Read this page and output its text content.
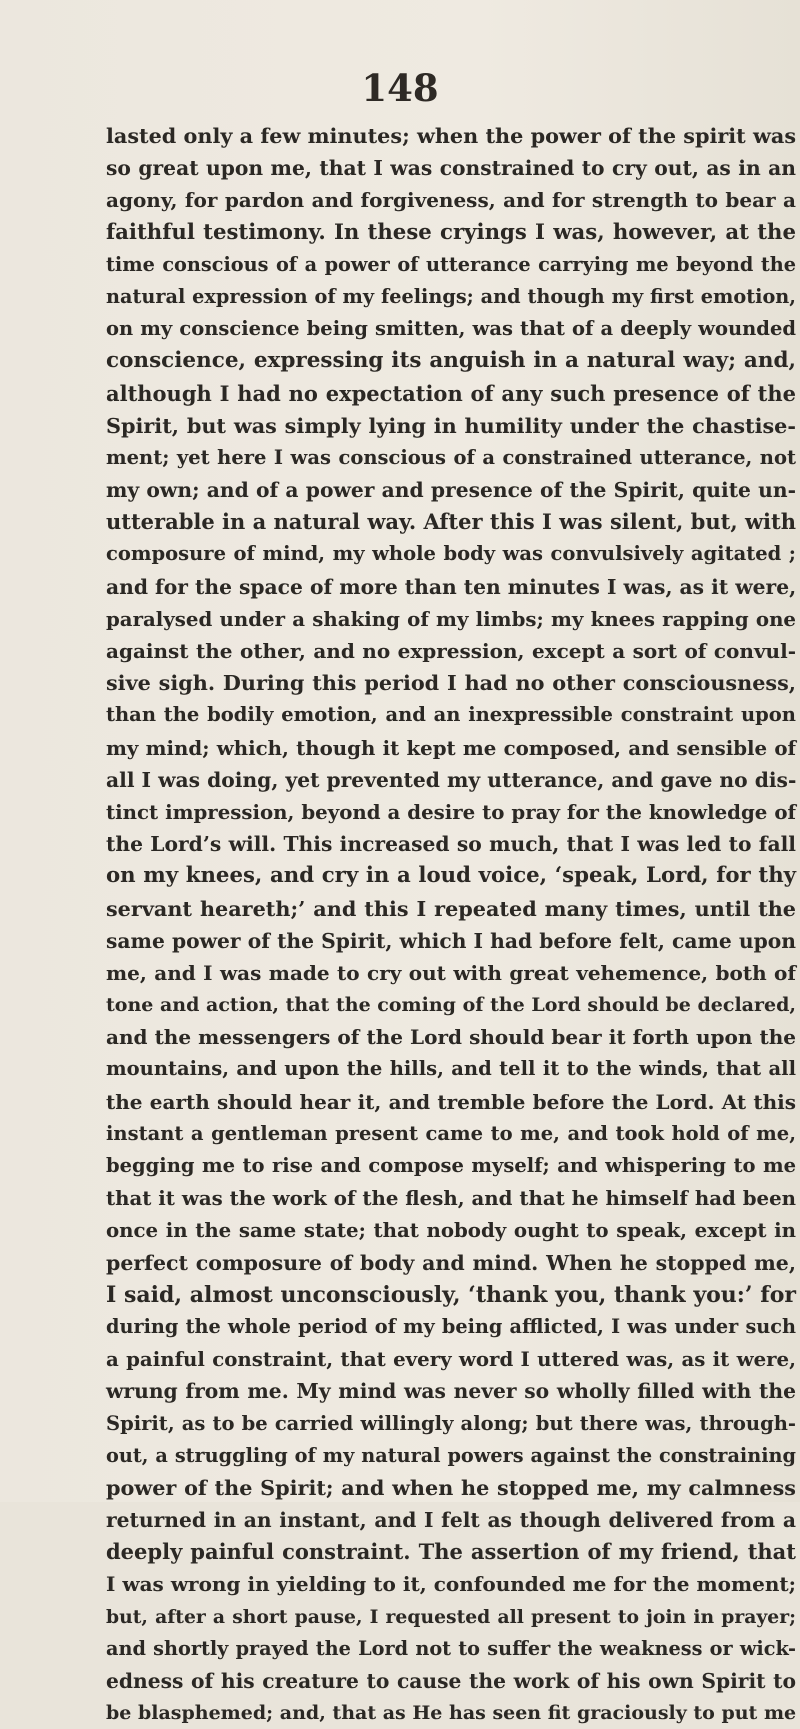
148
lasted only a few minutes; when the power of the spirit was
so great upon me, that I was constrained to cry out, as in an
agony, for pardon and forgiveness, and for strength to bear a
faithful testimony. In these cryings I was, however, at the
time conscious of a power of utterance carrying me beyond the
natural expression of my feelings; and though my first emotion,
on my conscience being smitten, was that of a deeply wounded
conscience, expressing its anguish in a natural way; and,
although I had no expectation of any such presence of the
Spirit, but was simply lying in humility under the chastise-
ment; yet here I was conscious of a constrained utterance, not
my own; and of a power and presence of the Spirit, quite un-
utterable in a natural way. After this I was silent, but, with
composure of mind, my whole body was convulsively agitated ;
and for the space of more than ten minutes I was, as it were,
paralysed under a shaking of my limbs; my knees rapping one
against the other, and no expression, except a sort of convul-
sive sigh. During this period I had no other consciousness,
than the bodily emotion, and an inexpressible constraint upon
my mind; which, though it kept me composed, and sensible of
all I was doing, yet prevented my utterance, and gave no dis-
tinct impression, beyond a desire to pray for the knowledge of
the Lord’s will. This increased so much, that I was led to fall
on my knees, and cry in a loud voice, ‘speak, Lord, for thy
servant heareth;’ and this I repeated many times, until the
same power of the Spirit, which I had before felt, came upon
me, and I was made to cry out with great vehemence, both of
tone and action, that the coming of the Lord should be declared,
and the messengers of the Lord should bear it forth upon the
mountains, and upon the hills, and tell it to the winds, that all
the earth should hear it, and tremble before the Lord. At this
instant a gentleman present came to me, and took hold of me,
begging me to rise and compose myself; and whispering to me
that it was the work of the flesh, and that he himself had been
once in the same state; that nobody ought to speak, except in
perfect composure of body and mind. When he stopped me,
I said, almost unconsciously, ‘thank you, thank you:’ for
during the whole period of my being afflicted, I was under such
a painful constraint, that every word I uttered was, as it were,
wrung from me. My mind was never so wholly filled with the
Spirit, as to be carried willingly along; but there was, through-
out, a struggling of my natural powers against the constraining
power of the Spirit; and when he stopped me, my calmness
returned in an instant, and I felt as though delivered from a
deeply painful constraint. The assertion of my friend, that
I was wrong in yielding to it, confounded me for the moment;
but, after a short pause, I requested all present to join in prayer;
and shortly prayed the Lord not to suffer the weakness or wick-
edness of his creature to cause the work of his own Spirit to
be blasphemed; and, that as He has seen fit graciously to put me
